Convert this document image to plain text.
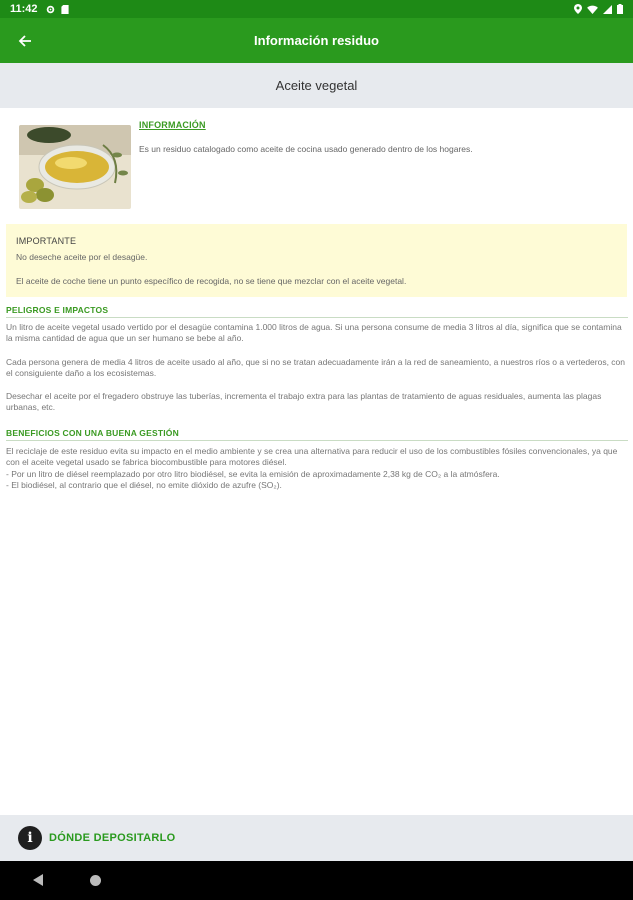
11:42
Información residuo
Aceite vegetal
INFORMACIÓN
Es un residuo catalogado como aceite de cocina usado generado dentro de los hogares.
IMPORTANTE

No deseche aceite por el desagüe.

El aceite de coche tiene un punto específico de recogida, no se tiene que mezclar con el aceite vegetal.

PELIGROS E IMPACTOS
Un litro de aceite vegetal usado vertido por el desagüe contamina 1.000 litros de agua. Si una persona consume de media 3 litros al día, significa que se contamina la misma cantidad de agua que un ser humano se bebe al año.
Cada persona genera de media 4 litros de aceite usado al año, que si no se tratan adecuadamente irán a la red de saneamiento, a nuestros ríos o a vertederos, con el consiguiente daño a los ecosistemas.
Desechar el aceite por el fregadero obstruye las tuberías, incrementa el trabajo extra para las plantas de tratamiento de aguas residuales, aumenta las plagas urbanas, etc.
BENEFICIOS CON UNA BUENA GESTIÓN
El reciclaje de este residuo evita su impacto en el medio ambiente y se crea una alternativa para reducir el uso de los combustibles fósiles convencionales, ya que con el aceite vegetal usado se fabrica biocombustible para motores diésel.
- Por un litro de diésel reemplazado por otro litro biodiésel, se evita la emisión de aproximadamente 2,38 kg de CO₂ a la atmósfera.
- El biodiésel, al contrario que el diésel, no emite dióxido de azufre (SO₂).
i	DÓNDE DEPOSITARLO
